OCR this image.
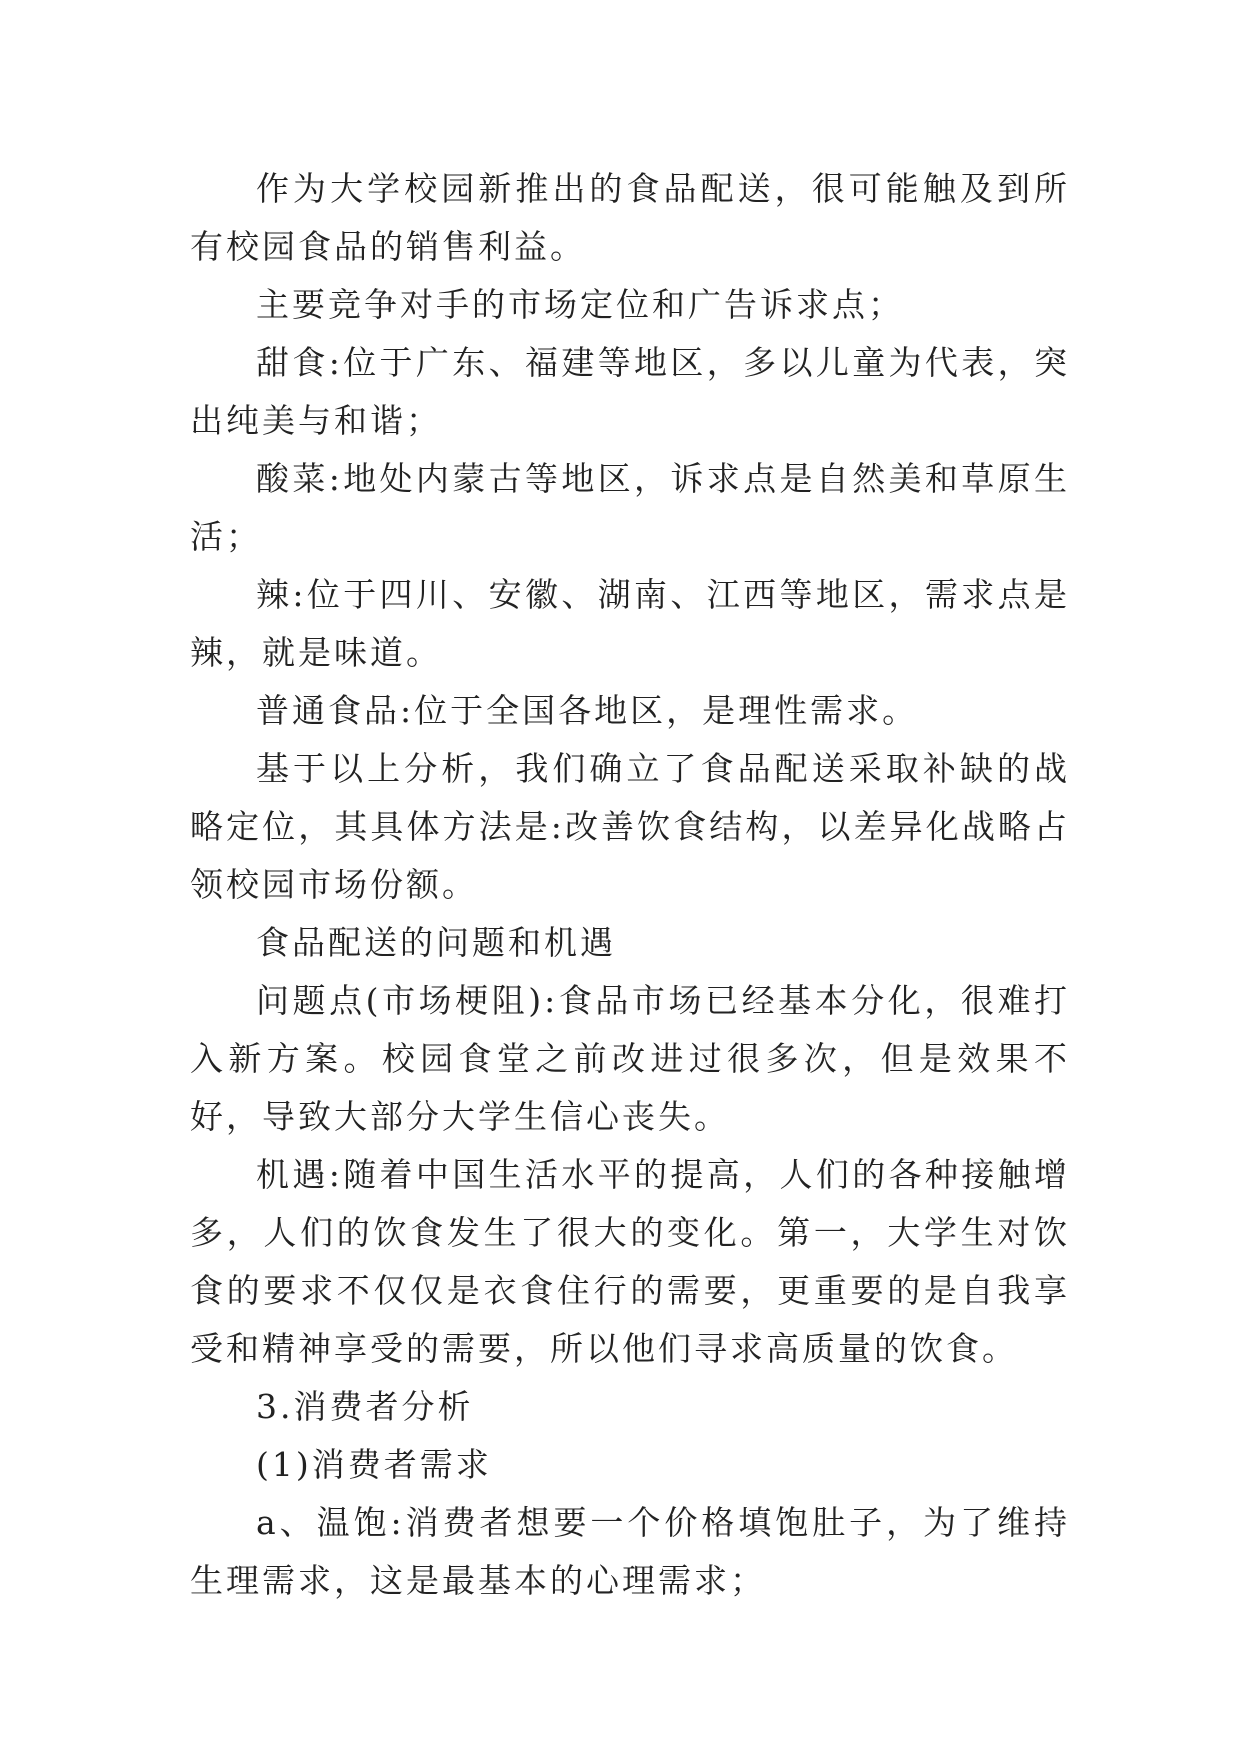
作为大学校园新推出的食品配送，很可能触及到所有校园食品的销售利益。

主要竞争对手的市场定位和广告诉求点；

甜食:位于广东、福建等地区，多以儿童为代表，突出纯美与和谐；

酸菜:地处内蒙古等地区，诉求点是自然美和草原生活；

辣:位于四川、安徽、湖南、江西等地区，需求点是辣，就是味道。

普通食品:位于全国各地区，是理性需求。

基于以上分析，我们确立了食品配送采取补缺的战略定位，其具体方法是:改善饮食结构，以差异化战略占领校园市场份额。

食品配送的问题和机遇

问题点(市场梗阻):食品市场已经基本分化，很难打入新方案。校园食堂之前改进过很多次，但是效果不好，导致大部分大学生信心丧失。

机遇:随着中国生活水平的提高，人们的各种接触增多，人们的饮食发生了很大的变化。第一，大学生对饮食的要求不仅仅是衣食住行的需要，更重要的是自我享受和精神享受的需要，所以他们寻求高质量的饮食。

3.消费者分析

(1)消费者需求

a、温饱:消费者想要一个价格填饱肚子，为了维持生理需求，这是最基本的心理需求；
